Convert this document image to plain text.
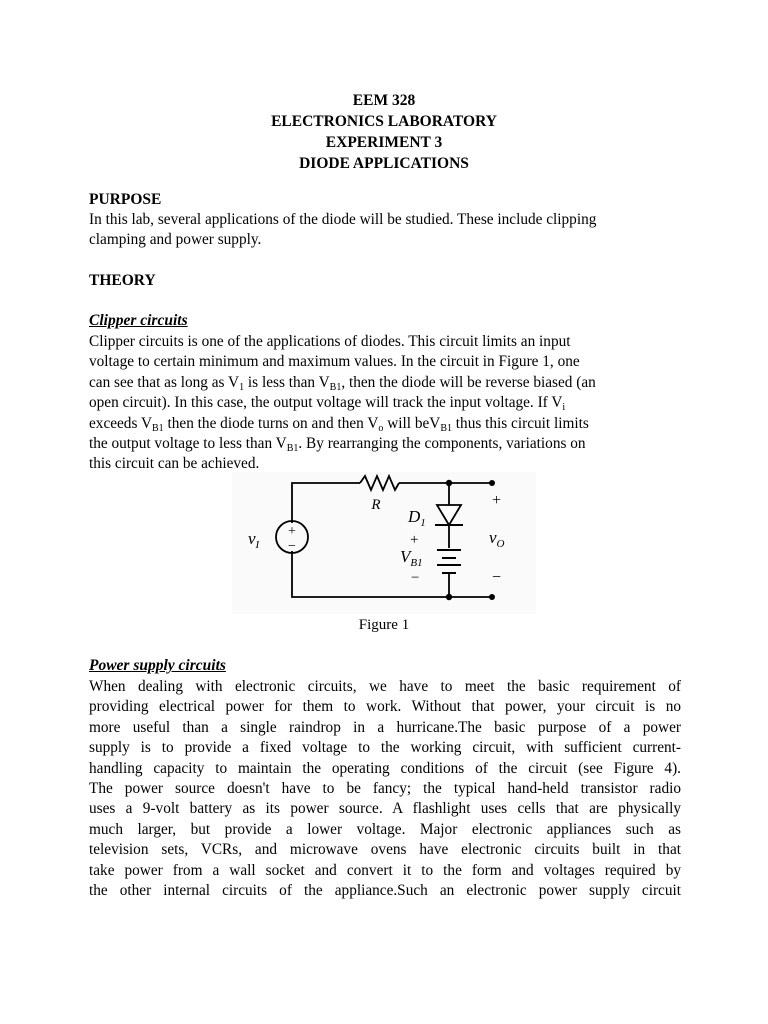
EEM 328
ELECTRONICS LABORATORY
EXPERIMENT 3
DIODE APPLICATIONS
PURPOSE
In this lab, several applications of the diode will be studied. These include clipping
clamping and power supply.
THEORY
Clipper circuits
Clipper circuits is one of the applications of diodes. This circuit limits an input
voltage to certain minimum and maximum values. In the circuit in Figure 1, one
can see that as long as $V_1$ is less than $V_{B1}$, then the diode will be reverse biased (an
open circuit). In this case, the output voltage will track the input voltage. If $V_i$
exceeds $V_{B1}$ then the diode turns on and then $V_o$ will beV$_{B1}$ thus this circuit limits
the output voltage to less than $V_{B1}$. By rearranging the components, variations on
this circuit can be achieved.
+
−
R
$D_1$
+
$V_{B1}$
−
$v_I$	$v_O$
+
−
Figure 1
Power supply circuits
When dealing with electronic circuits, we have to meet the basic requirement of
providing electrical power for them to work. Without that power, your circuit is no
more useful than a single raindrop in a hurricane.The basic purpose of a power
supply is to provide a fixed voltage to the working circuit, with sufficient current-
handling capacity to maintain the operating conditions of the circuit (see Figure 4).
The power source doesn't have to be fancy; the typical hand-held transistor radio
uses a 9-volt battery as its power source. A flashlight uses cells that are physically
much larger, but provide a lower voltage. Major electronic appliances such as
television sets, VCRs, and microwave ovens have electronic circuits built in that
take power from a wall socket and convert it to the form and voltages required by
the other internal circuits of the appliance.Such an electronic power supply circuit
